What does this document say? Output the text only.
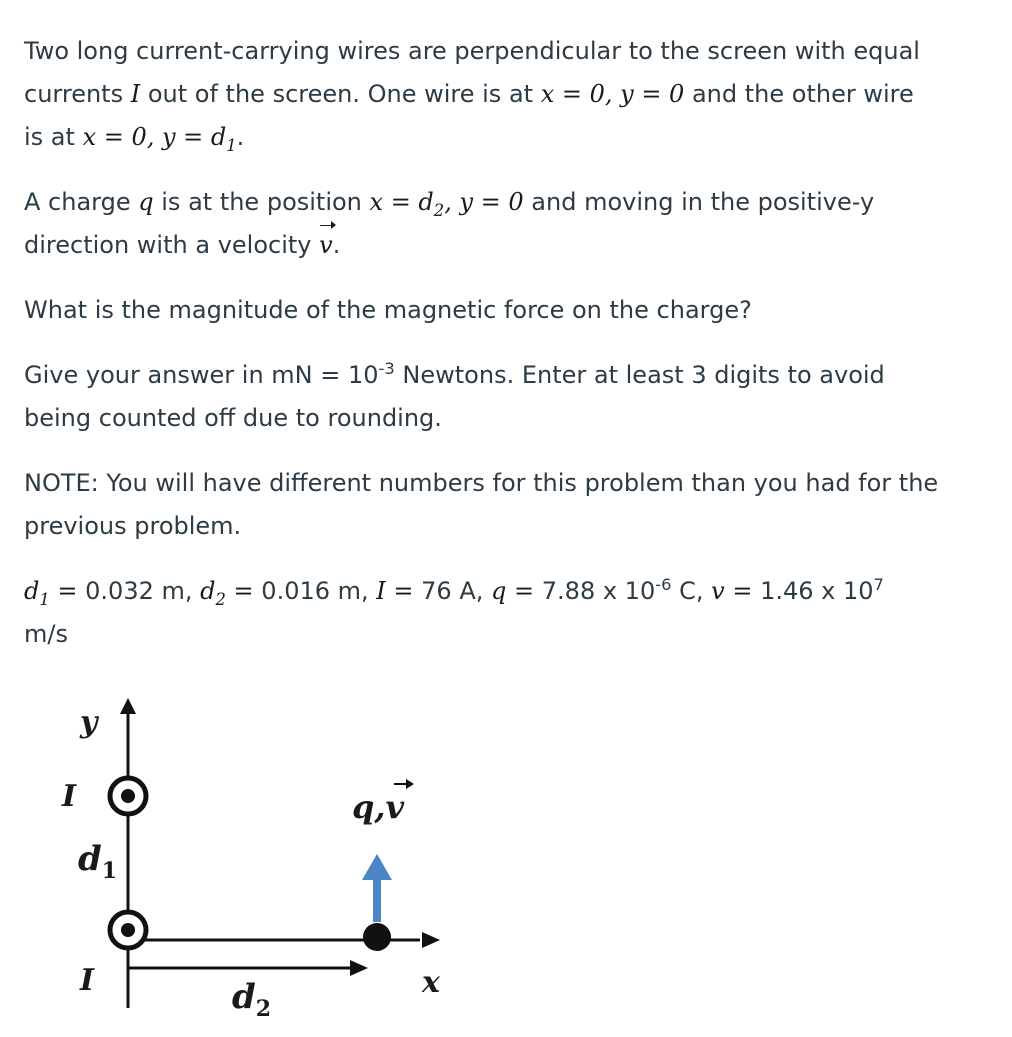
Two long current-carrying wires are perpendicular to the screen with equal
currents I out of the screen. One wire is at x = 0, y = 0 and the other wire
is at x = 0, $y = d_1$.
A charge q is at the position $x = d_2$, y = 0 and moving in the positive-y
direction with a velocity v.
What is the magnitude of the magnetic force on the charge?
Give your answer in mN = $10^{-3}$ Newtons. Enter at least 3 digits to avoid
being counted off due to rounding.
NOTE: You will have different numbers for this problem than you had for the
previous problem.
$d_1 = 0.032$ m, $d_2 = 0.016$ m, I = 76 A, q = 7.88 x $10^{-6}$ C, v = 1.46 x $10^7$
m/s
y
I
$d_1$
q,v
I	$d_2$
x
